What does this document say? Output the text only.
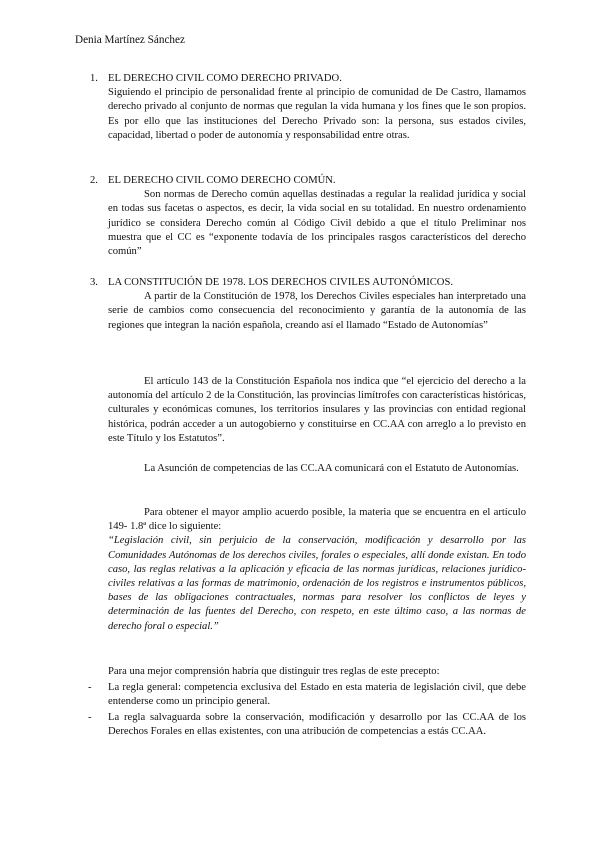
Denia Martínez Sánchez
1. EL DERECHO CIVIL COMO DERECHO PRIVADO.

Siguiendo el principio de personalidad frente al principio de comunidad de De Castro, llamamos derecho privado al conjunto de normas que regulan la vida humana y los fines que le son propios. Es por ello que las instituciones del Derecho Privado son: la persona, sus estados civiles, capacidad, libertad o poder de autonomía y responsabilidad entre otras.

2. EL DERECHO CIVIL COMO DERECHO COMÚN.

Son normas de Derecho común aquellas destinadas a regular la realidad jurídica y social en todas sus facetas o aspectos, es decir, la vida social en su totalidad. En nuestro ordenamiento jurídico se considera Derecho común al Código Civil debido a que el título Preliminar nos muestra que el CC es “exponente todavía de los principales rasgos característicos del derecho común”

3. LA CONSTITUCIÓN DE 1978. LOS DERECHOS CIVILES AUTONÓMICOS.

A partir de la Constitución de 1978, los Derechos Civiles especiales han interpretado una serie de cambios como consecuencia del reconocimiento y garantía de la autonomía de las regiones que integran la nación española, creando así el llamado “Estado de Autonomías”

El artículo 143 de la Constitución Española nos indica que “el ejercicio del derecho a la autonomía del artículo 2 de la Constitución, las provincias limítrofes con características históricas, culturales y económicas comunes, los territorios insulares y las provincias con entidad regional histórica, podrán acceder a un autogobierno y constituirse en CC.AA con arreglo a lo previsto en este Título y los Estatutos”.

La Asunción de competencias de las CC.AA comunicará con el Estatuto de Autonomías.

Para obtener el mayor amplio acuerdo posible, la materia que se encuentra en el artículo 149- 1.8ª dice lo siguiente:

“Legislación civil, sin perjuicio de la conservación, modificación y desarrollo por las Comunidades Autónomas de los derechos civiles, forales o especiales, allí donde existan. En todo caso, las reglas relativas a la aplicación y eficacia de las normas jurídicas, relaciones jurídico-civiles relativas a las formas de matrimonio, ordenación de los registros e instrumentos públicos, bases de las obligaciones contractuales, normas para resolver los conflictos de leyes y determinación de las fuentes del Derecho, con respeto, en este último caso, a las normas de derecho foral o especial.”

Para una mejor comprensión habría que distinguir tres reglas de este precepto:

- La regla general: competencia exclusiva del Estado en esta materia de legislación civil, que debe entenderse como un principio general.

- La regla salvaguarda sobre la conservación, modificación y desarrollo por las CC.AA de los Derechos Forales en ellas existentes, con una atribución de competencias a estás CC.AA.
